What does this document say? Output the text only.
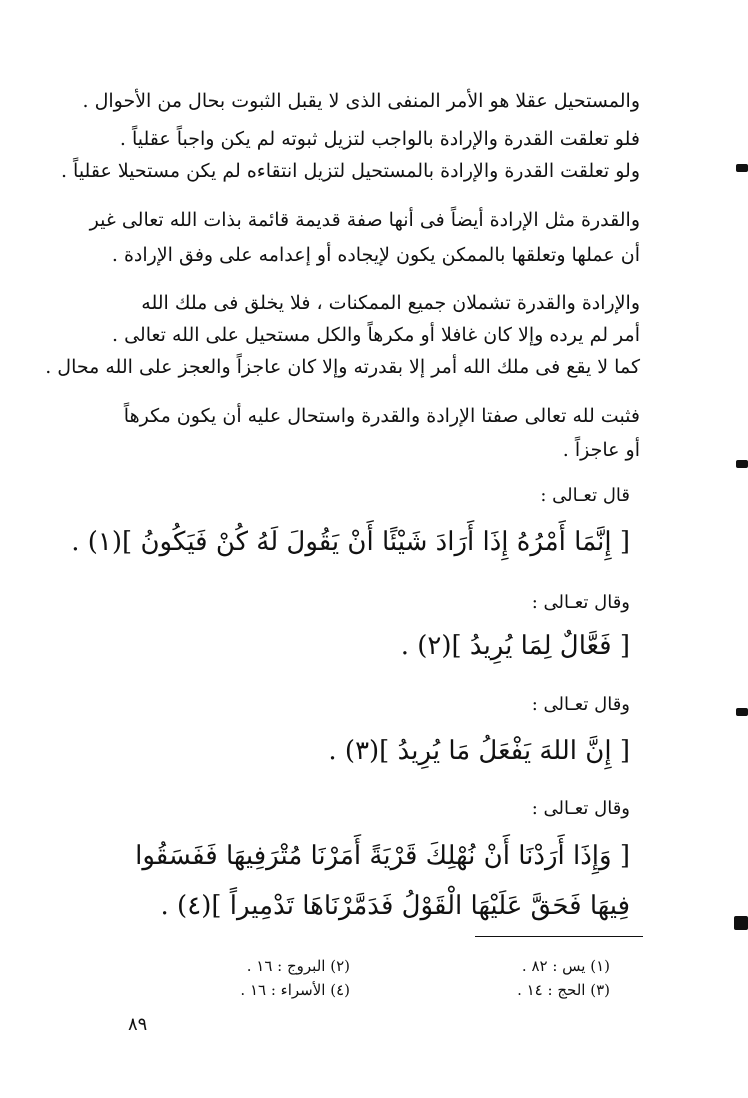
والمستحيل عقلا هو الأمر المنفى الذى لا يقبل الثبوت بحال من الأحوال .
فلو تعلقت القدرة والإرادة بالواجب لتزيل ثبوته لم يكن واجباً عقلياً .
ولو تعلقت القدرة والإرادة بالمستحيل لتزيل انتقاءه لم يكن مستحيلا عقلياً .
والقدرة مثل الإرادة أيضاً فى أنها صفة قديمة قائمة بذات الله تعالى غير
أن عملها وتعلقها بالممكن يكون لإيجاده أو إعدامه على وفق الإرادة .
والإرادة والقدرة تشملان جميع الممكنات ، فلا يخلق فى ملك الله
أمر لم يرده وإلا كان غافلا أو مكرهاً والكل مستحيل على الله تعالى .
كما لا يقع فى ملك الله أمر إلا بقدرته وإلا كان عاجزاً والعجز على الله محال .
فثبت لله تعالى صفتا الإرادة والقدرة واستحال عليه أن يكون مكرهاً
أو عاجزاً .
قال تعـالى :
[ إِنَّمَا أَمْرُهُ إِذَا أَرَادَ شَيْئًا أَنْ يَقُولَ لَهُ كُنْ فَيَكُونُ ](١) .
وقال تعـالى :
[ فَعَّالٌ لِمَا يُرِيدُ ](٢) .
وقال تعـالى :
[ إِنَّ اللهَ يَفْعَلُ مَا يُرِيدُ ](٣) .
وقال تعـالى :
[ وَإِذَا أَرَدْنَا أَنْ نُهْلِكَ قَرْيَةً أَمَرْنَا مُتْرَفِيهَا فَفَسَقُوا
فِيهَا فَحَقَّ عَلَيْهَا الْقَوْلُ فَدَمَّرْنَاهَا تَدْمِيراً ](٤) .
(١) يس : ٨٢ .
(٢) البروج : ١٦ .
(٣) الحج : ١٤ .
(٤) الأسراء : ١٦ .
٨٩
